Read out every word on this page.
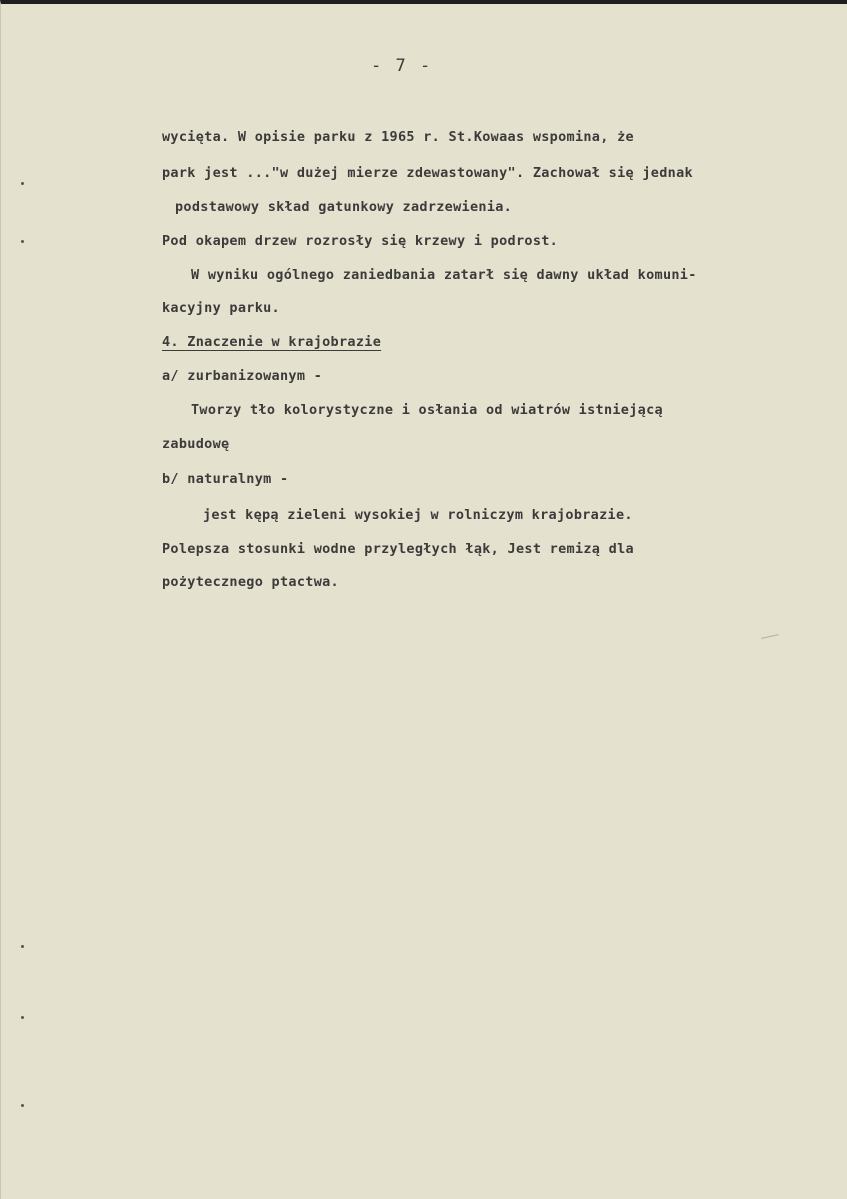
- 7 -
wycięta. W opisie parku z 1965 r. St.Kowaas wspomina, że
park jest ..."w dużej mierze zdewastowany". Zachował się jednak
podstawowy skład gatunkowy zadrzewienia.
Pod okapem drzew rozrosły się krzewy i podrost.
W wyniku ogólnego zaniedbania zatarł się dawny układ komuni-
kacyjny parku.
4. Znaczenie w krajobrazie
a/ zurbanizowanym -
Tworzy tło kolorystyczne i osłania od wiatrów istniejącą
zabudowę
b/ naturalnym -
jest kępą zieleni wysokiej w rolniczym krajobrazie.
Polepsza stosunki wodne przyległych łąk, Jest remizą dla
pożytecznego ptactwa.
